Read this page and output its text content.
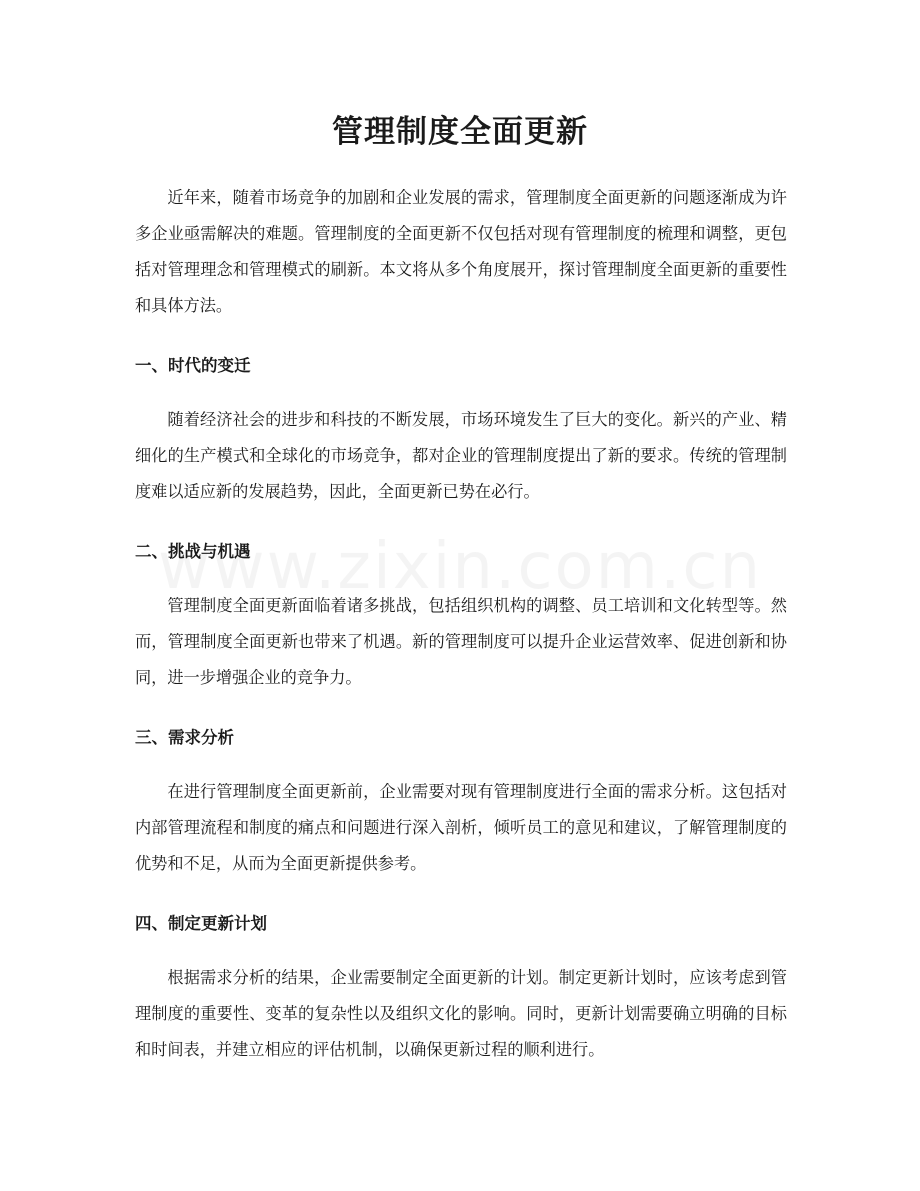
管理制度全面更新

近年来，随着市场竞争的加剧和企业发展的需求，管理制度全面更新的问题逐渐成为许多企业亟需解决的难题。管理制度的全面更新不仅包括对现有管理制度的梳理和调整，更包括对管理理念和管理模式的刷新。本文将从多个角度展开，探讨管理制度全面更新的重要性和具体方法。

一、时代的变迁

随着经济社会的进步和科技的不断发展，市场环境发生了巨大的变化。新兴的产业、精细化的生产模式和全球化的市场竞争，都对企业的管理制度提出了新的要求。传统的管理制度难以适应新的发展趋势，因此，全面更新已势在必行。

二、挑战与机遇

管理制度全面更新面临着诸多挑战，包括组织机构的调整、员工培训和文化转型等。然而，管理制度全面更新也带来了机遇。新的管理制度可以提升企业运营效率、促进创新和协同，进一步增强企业的竞争力。

三、需求分析

在进行管理制度全面更新前，企业需要对现有管理制度进行全面的需求分析。这包括对内部管理流程和制度的痛点和问题进行深入剖析，倾听员工的意见和建议，了解管理制度的优势和不足，从而为全面更新提供参考。

四、制定更新计划

根据需求分析的结果，企业需要制定全面更新的计划。制定更新计划时，应该考虑到管理制度的重要性、变革的复杂性以及组织文化的影响。同时，更新计划需要确立明确的目标和时间表，并建立相应的评估机制，以确保更新过程的顺利进行。
